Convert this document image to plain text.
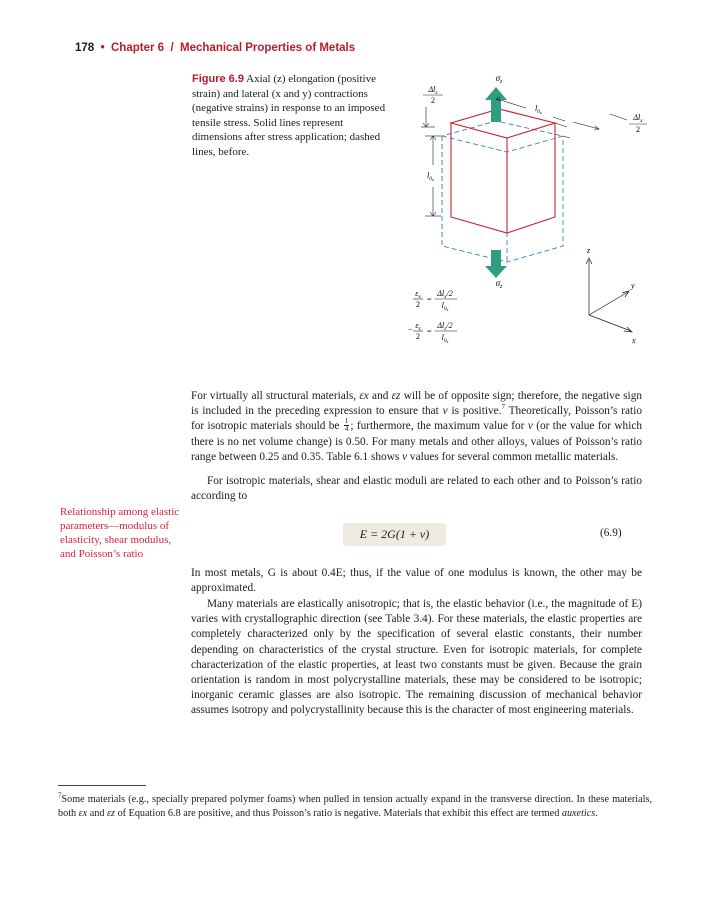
178 • Chapter 6 / Mechanical Properties of Metals
Figure 6.9 Axial (z) elongation (positive strain) and lateral (x and y) contractions (negative strains) in response to an imposed tensile stress. Solid lines represent dimensions after stress application; dashed lines, before.
$\sigma_z$
$\sigma_z$
$\Delta l_z$
2
$l_0z$
$l_0x$
$\Delta l_x$
2
z
y
x
$\varepsilon_x$
2
=
$\Delta l_x/2$
$l_0z$
− $\varepsilon_z$
2
=
$\Delta l_z/2$
$l_0z$

For virtually all structural materials, εx and εz will be of opposite sign; therefore, the negative sign is included in the preceding expression to ensure that ν is positive.$^7$ Theoretically, Poisson’s ratio for isotropic materials should be $\frac{1}{4}$ ; furthermore, the maximum value for ν (or the value for which there is no net volume change) is 0.50. For many metals and other alloys, values of Poisson’s ratio range between 0.25 and 0.35. Table 6.1 shows ν values for several common metallic materials.

For isotropic materials, shear and elastic moduli are related to each other and to Poisson’s ratio according to

Relationship among elastic parameters—modulus of elasticity, shear modulus, and Poisson’s ratio
E = 2G(1 + ν)	(6.9)

In most metals, G is about 0.4E; thus, if the value of one modulus is known, the other may be approximated.

Many materials are elastically anisotropic; that is, the elastic behavior (i.e., the magnitude of E) varies with crystallographic direction (see Table 3.4). For these materials, the elastic properties are completely characterized only by the specification of several elastic constants, their number depending on characteristics of the crystal structure. Even for isotropic materials, for complete characterization of the elastic properties, at least two constants must be given. Because the grain orientation is random in most polycrystalline materials, these may be considered to be isotropic; inorganic ceramic glasses are also isotropic. The remaining discussion of mechanical behavior assumes isotropy and polycrystallinity because this is the character of most engineering materials.

$^7$Some materials (e.g., specially prepared polymer foams) when pulled in tension actually expand in the transverse direction. In these materials, both εx and εz of Equation 6.8 are positive, and thus Poisson’s ratio is negative. Materials that exhibit this effect are termed auxetics.
